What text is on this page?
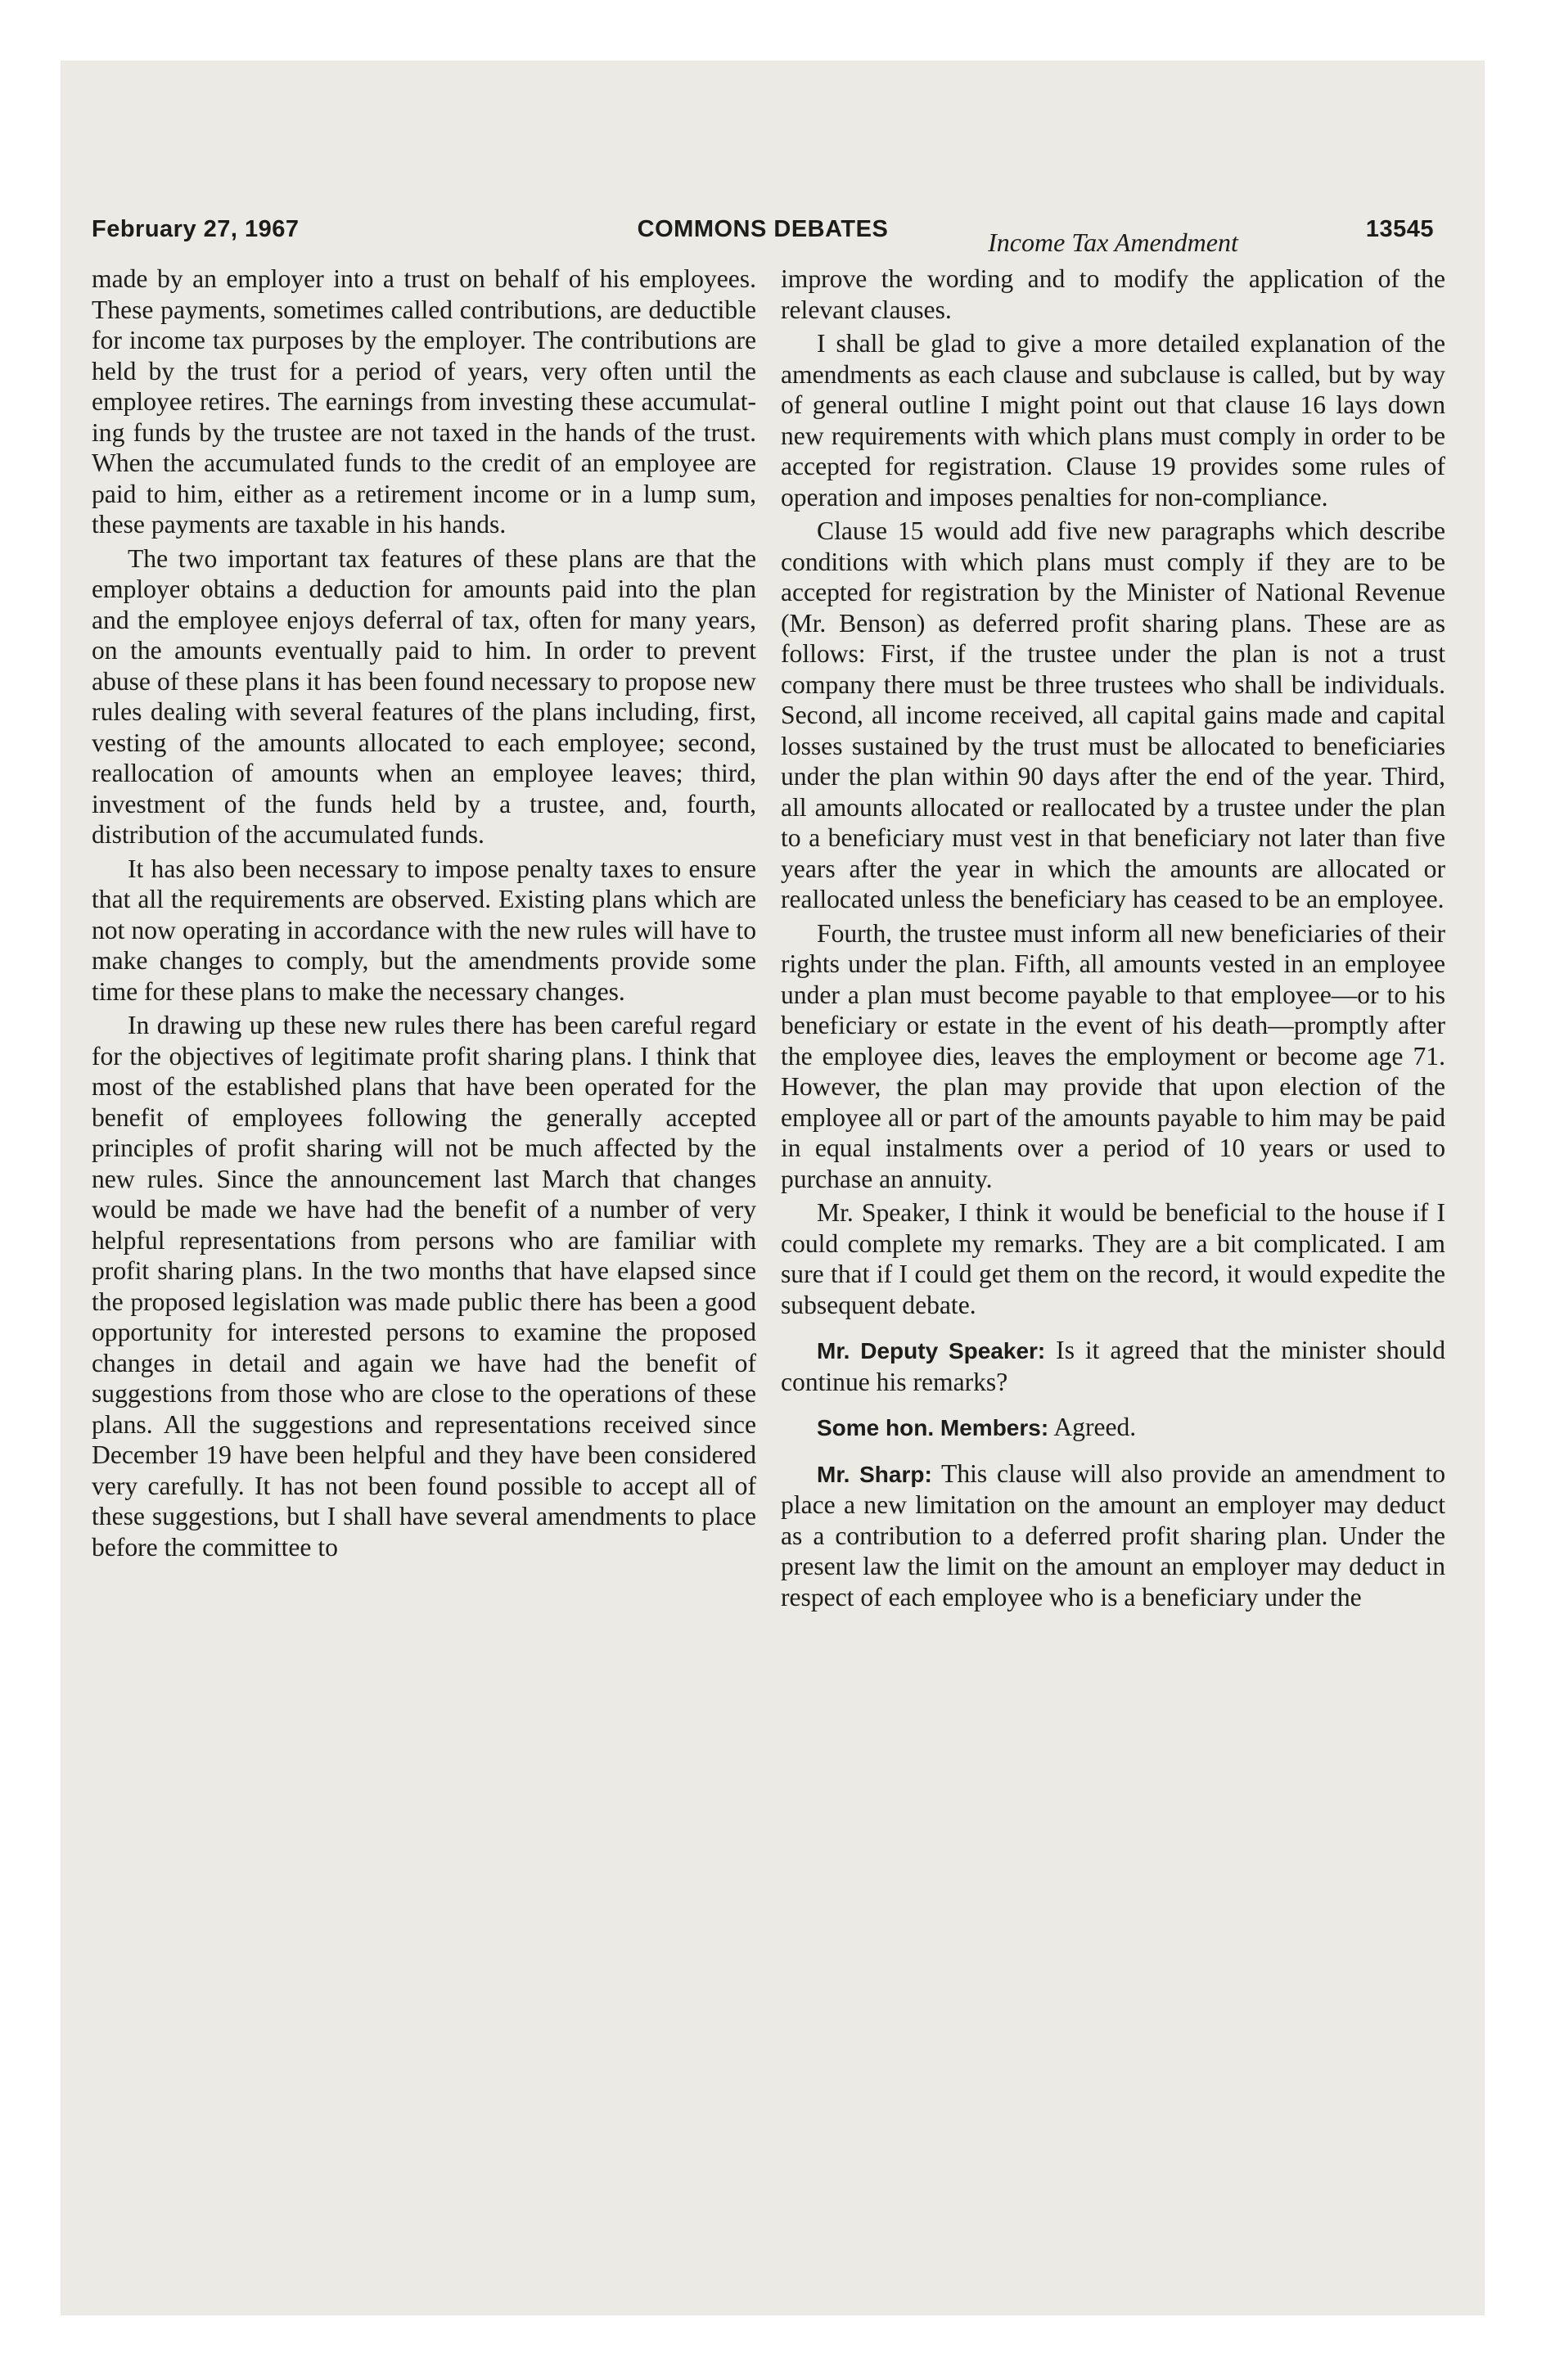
February 27, 1967	COMMONS DEBATES	13545

made by an employer into a trust on behalf of his employees. These payments, sometimes called contributions, are deductible for income tax purposes by the employer. The contributions are held by the trust for a period of years, very often until the employee retires. The earnings from investing these accumulating funds by the trustee are not taxed in the hands of the trust. When the accumulated funds to the credit of an employee are paid to him, either as a retirement income or in a lump sum, these payments are taxable in his hands.

The two important tax features of these plans are that the employer obtains a deduction for amounts paid into the plan and the employee enjoys deferral of tax, often for many years, on the amounts eventually paid to him. In order to prevent abuse of these plans it has been found necessary to propose new rules dealing with several features of the plans including, first, vesting of the amounts allocated to each employee; second, reallocation of amounts when an employee leaves; third, investment of the funds held by a trustee, and, fourth, distribution of the accumulated funds.

It has also been necessary to impose penalty taxes to ensure that all the requirements are observed. Existing plans which are not now operating in accordance with the new rules will have to make changes to comply, but the amendments provide some time for these plans to make the necessary changes.

In drawing up these new rules there has been careful regard for the objectives of legitimate profit sharing plans. I think that most of the established plans that have been operated for the benefit of employees following the generally accepted principles of profit sharing will not be much affected by the new rules. Since the announcement last March that changes would be made we have had the benefit of a number of very helpful representations from persons who are familiar with profit sharing plans. In the two months that have elapsed since the proposed legislation was made public there has been a good opportunity for interested persons to examine the proposed changes in detail and again we have had the benefit of suggestions from those who are close to the operations of these plans. All the suggestions and representations received since December 19 have been helpful and they have been considered very carefully. It has not been found possible to accept all of these suggestions, but I shall have several amendments to place before the committee to

Income Tax Amendment

improve the wording and to modify the application of the relevant clauses.

I shall be glad to give a more detailed explanation of the amendments as each clause and subclause is called, but by way of general outline I might point out that clause 16 lays down new requirements with which plans must comply in order to be accepted for registration. Clause 19 provides some rules of operation and imposes penalties for non-compliance.

Clause 15 would add five new paragraphs which describe conditions with which plans must comply if they are to be accepted for registration by the Minister of National Revenue (Mr. Benson) as deferred profit sharing plans. These are as follows: First, if the trustee under the plan is not a trust company there must be three trustees who shall be individuals. Second, all income received, all capital gains made and capital losses sustained by the trust must be allocated to beneficiaries under the plan within 90 days after the end of the year. Third, all amounts allocated or reallocated by a trustee under the plan to a beneficiary must vest in that beneficiary not later than five years after the year in which the amounts are allocated or reallocated unless the beneficiary has ceased to be an employee.

Fourth, the trustee must inform all new beneficiaries of their rights under the plan. Fifth, all amounts vested in an employee under a plan must become payable to that employee—or to his beneficiary or estate in the event of his death—promptly after the employee dies, leaves the employment or become age 71. However, the plan may provide that upon election of the employee all or part of the amounts payable to him may be paid in equal instalments over a period of 10 years or used to purchase an annuity.

Mr. Speaker, I think it would be beneficial to the house if I could complete my remarks. They are a bit complicated. I am sure that if I could get them on the record, it would expedite the subsequent debate.

Mr. Deputy Speaker: Is it agreed that the minister should continue his remarks?

Some hon. Members: Agreed.

Mr. Sharp: This clause will also provide an amendment to place a new limitation on the amount an employer may deduct as a contribution to a deferred profit sharing plan. Under the present law the limit on the amount an employer may deduct in respect of each employee who is a beneficiary under the
